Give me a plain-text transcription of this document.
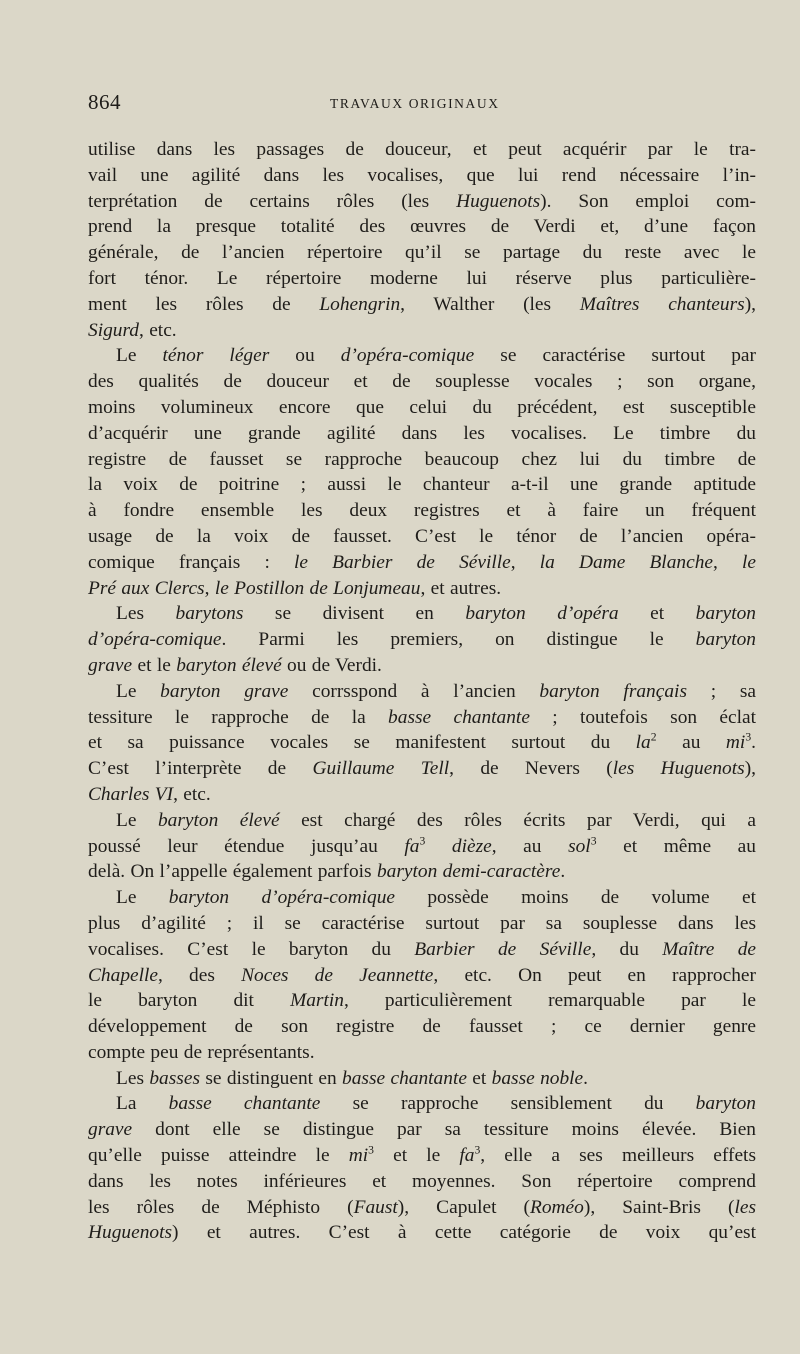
864	TRAVAUX ORIGINAUX
utilise dans les passages de douceur, et peut acquérir par le tra-
vail une agilité dans les vocalises, que lui rend nécessaire l’in-
terprétation de certains rôles (les Huguenots). Son emploi com-
prend la presque totalité des œuvres de Verdi et, d’une façon
générale, de l’ancien répertoire qu’il se partage du reste avec le
fort ténor. Le répertoire moderne lui réserve plus particulière-
ment les rôles de Lohengrin, Walther (les Maîtres chanteurs),
Sigurd, etc.
Le ténor léger ou d’opéra-comique se caractérise surtout par
des qualités de douceur et de souplesse vocales ; son organe,
moins volumineux encore que celui du précédent, est susceptible
d’acquérir une grande agilité dans les vocalises. Le timbre du
registre de fausset se rapproche beaucoup chez lui du timbre de
la voix de poitrine ; aussi le chanteur a-t-il une grande aptitude
à fondre ensemble les deux registres et à faire un fréquent
usage de la voix de fausset. C’est le ténor de l’ancien opéra-
comique français : le Barbier de Séville, la Dame Blanche, le
Pré aux Clercs, le Postillon de Lonjumeau, et autres.
Les barytons se divisent en baryton d’opéra et baryton
d’opéra-comique. Parmi les premiers, on distingue le baryton
grave et le baryton élevé ou de Verdi.
Le baryton grave corrsspond à l’ancien baryton français ; sa
tessiture le rapproche de la basse chantante ; toutefois son éclat
et sa puissance vocales se manifestent surtout du $la^2$ au $mi^3$.
C’est l’interprète de Guillaume Tell, de Nevers (les Huguenots),
Charles VI, etc.
Le baryton élevé est chargé des rôles écrits par Verdi, qui a
poussé leur étendue jusqu’au $fa^3$ dièze, au sol$^3$ et même au
delà. On l’appelle également parfois baryton demi-caractère.
Le baryton d’opéra-comique possède moins de volume et
plus d’agilité ; il se caractérise surtout par sa souplesse dans les
vocalises. C’est le baryton du Barbier de Séville, du Maître de
Chapelle, des Noces de Jeannette, etc. On peut en rapprocher
le baryton dit Martin, particulièrement remarquable par le
développement de son registre de fausset ; ce dernier genre
compte peu de représentants.
Les basses se distinguent en basse chantante et basse noble.
La basse chantante se rapproche sensiblement du baryton
grave dont elle se distingue par sa tessiture moins élevée. Bien
qu’elle puisse atteindre le $mi^3$ et le $fa^3$, elle a ses meilleurs effets
dans les notes inférieures et moyennes. Son répertoire comprend
les rôles de Méphisto (Faust), Capulet (Roméo), Saint-Bris (les
Huguenots) et autres. C’est à cette catégorie de voix qu’est
